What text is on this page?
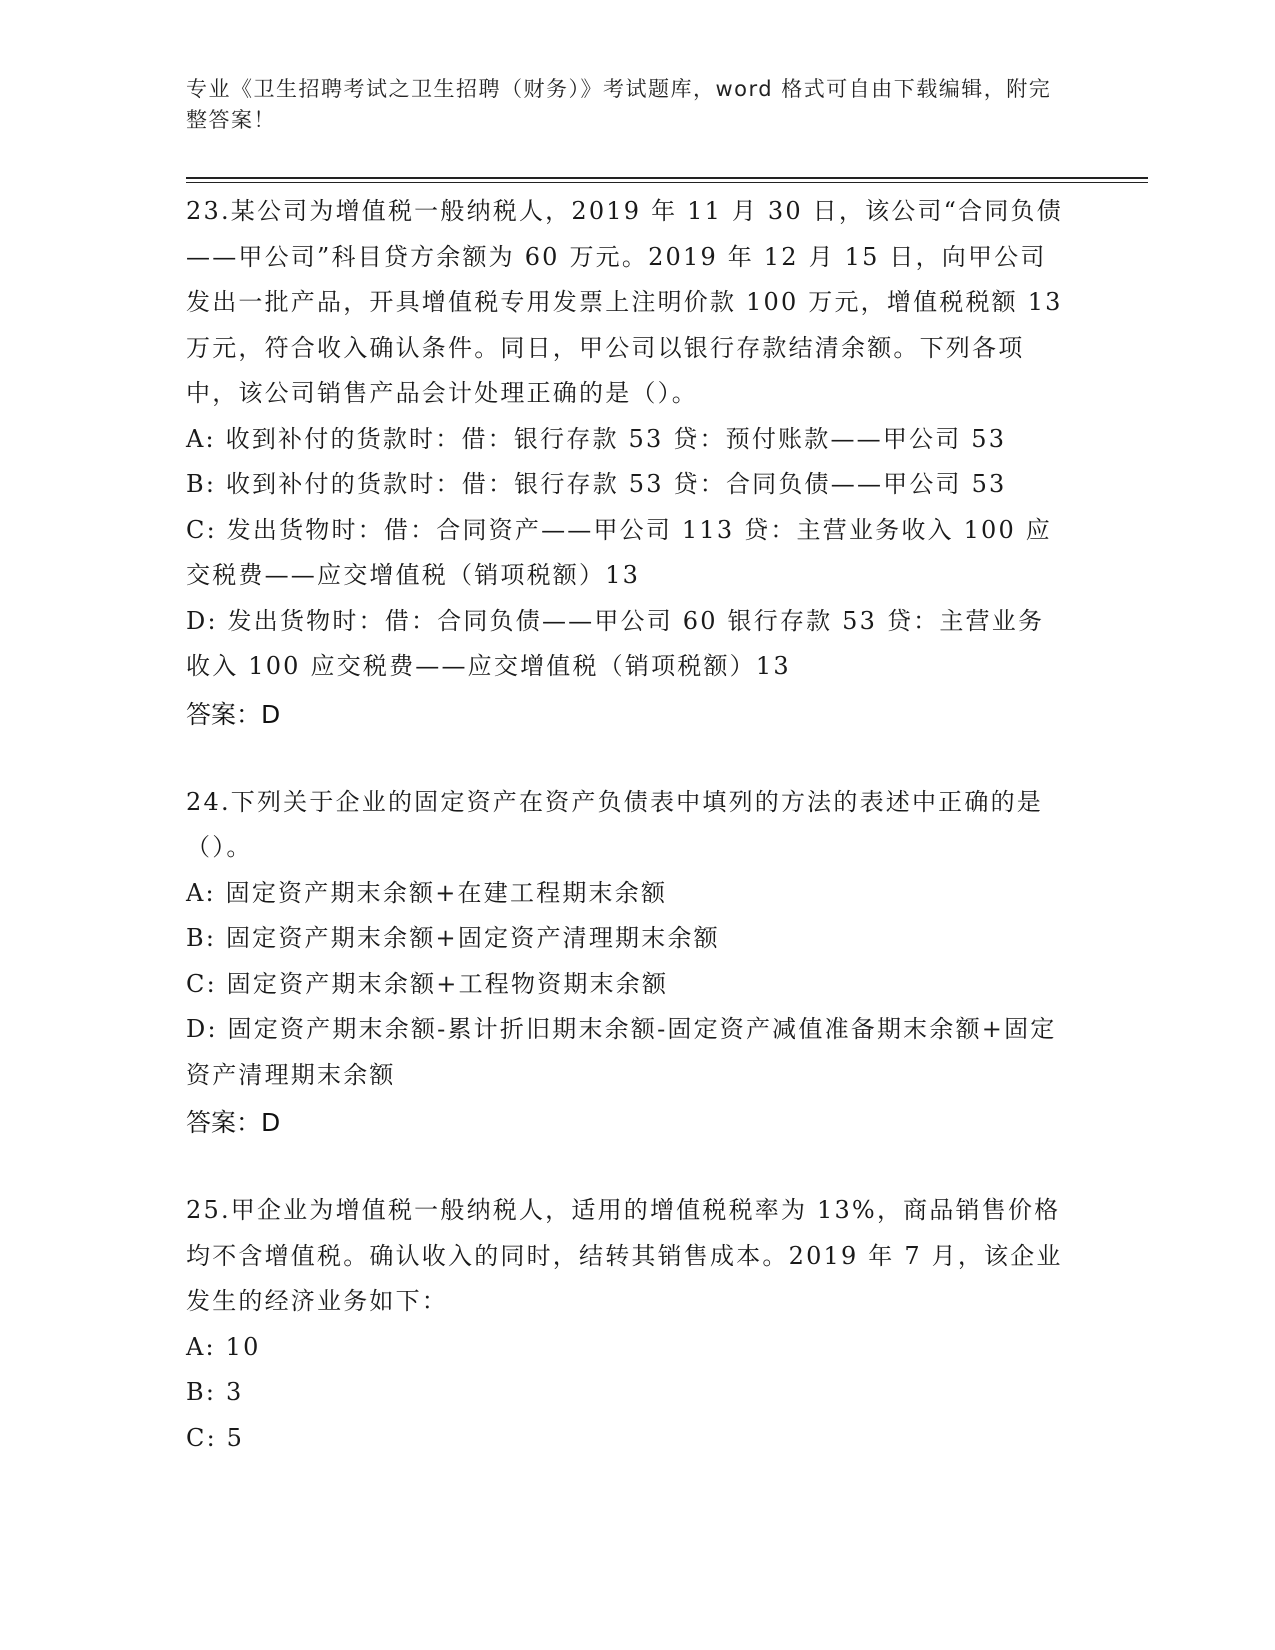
专业《卫生招聘考试之卫生招聘（财务）》考试题库，word 格式可自由下载编辑，附完整答案！

23.某公司为增值税一般纳税人，2019 年 11 月 30 日，该公司“合同负债——甲公司”科目贷方余额为 60 万元。2019 年 12 月 15 日，向甲公司发出一批产品，开具增值税专用发票上注明价款 100 万元，增值税税额 13 万元，符合收入确认条件。同日，甲公司以银行存款结清余额。下列各项中，该公司销售产品会计处理正确的是（）。

A: 收到补付的货款时：借：银行存款 53 贷：预付账款——甲公司 53

B: 收到补付的货款时：借：银行存款 53 贷：合同负债——甲公司 53

C: 发出货物时：借：合同资产——甲公司 113 贷：主营业务收入 100 应交税费——应交增值税（销项税额）13

D: 发出货物时：借：合同负债——甲公司 60 银行存款 53 贷：主营业务收入 100 应交税费——应交增值税（销项税额）13

答案：D

24.下列关于企业的固定资产在资产负债表中填列的方法的表述中正确的是（）。

A: 固定资产期末余额+在建工程期末余额

B: 固定资产期末余额+固定资产清理期末余额

C: 固定资产期末余额+工程物资期末余额

D: 固定资产期末余额-累计折旧期末余额-固定资产减值准备期末余额+固定资产清理期末余额

答案：D

25.甲企业为增值税一般纳税人，适用的增值税税率为 13%，商品销售价格均不含增值税。确认收入的同时，结转其销售成本。2019 年 7 月，该企业发生的经济业务如下：

A: 10

B: 3

C: 5
